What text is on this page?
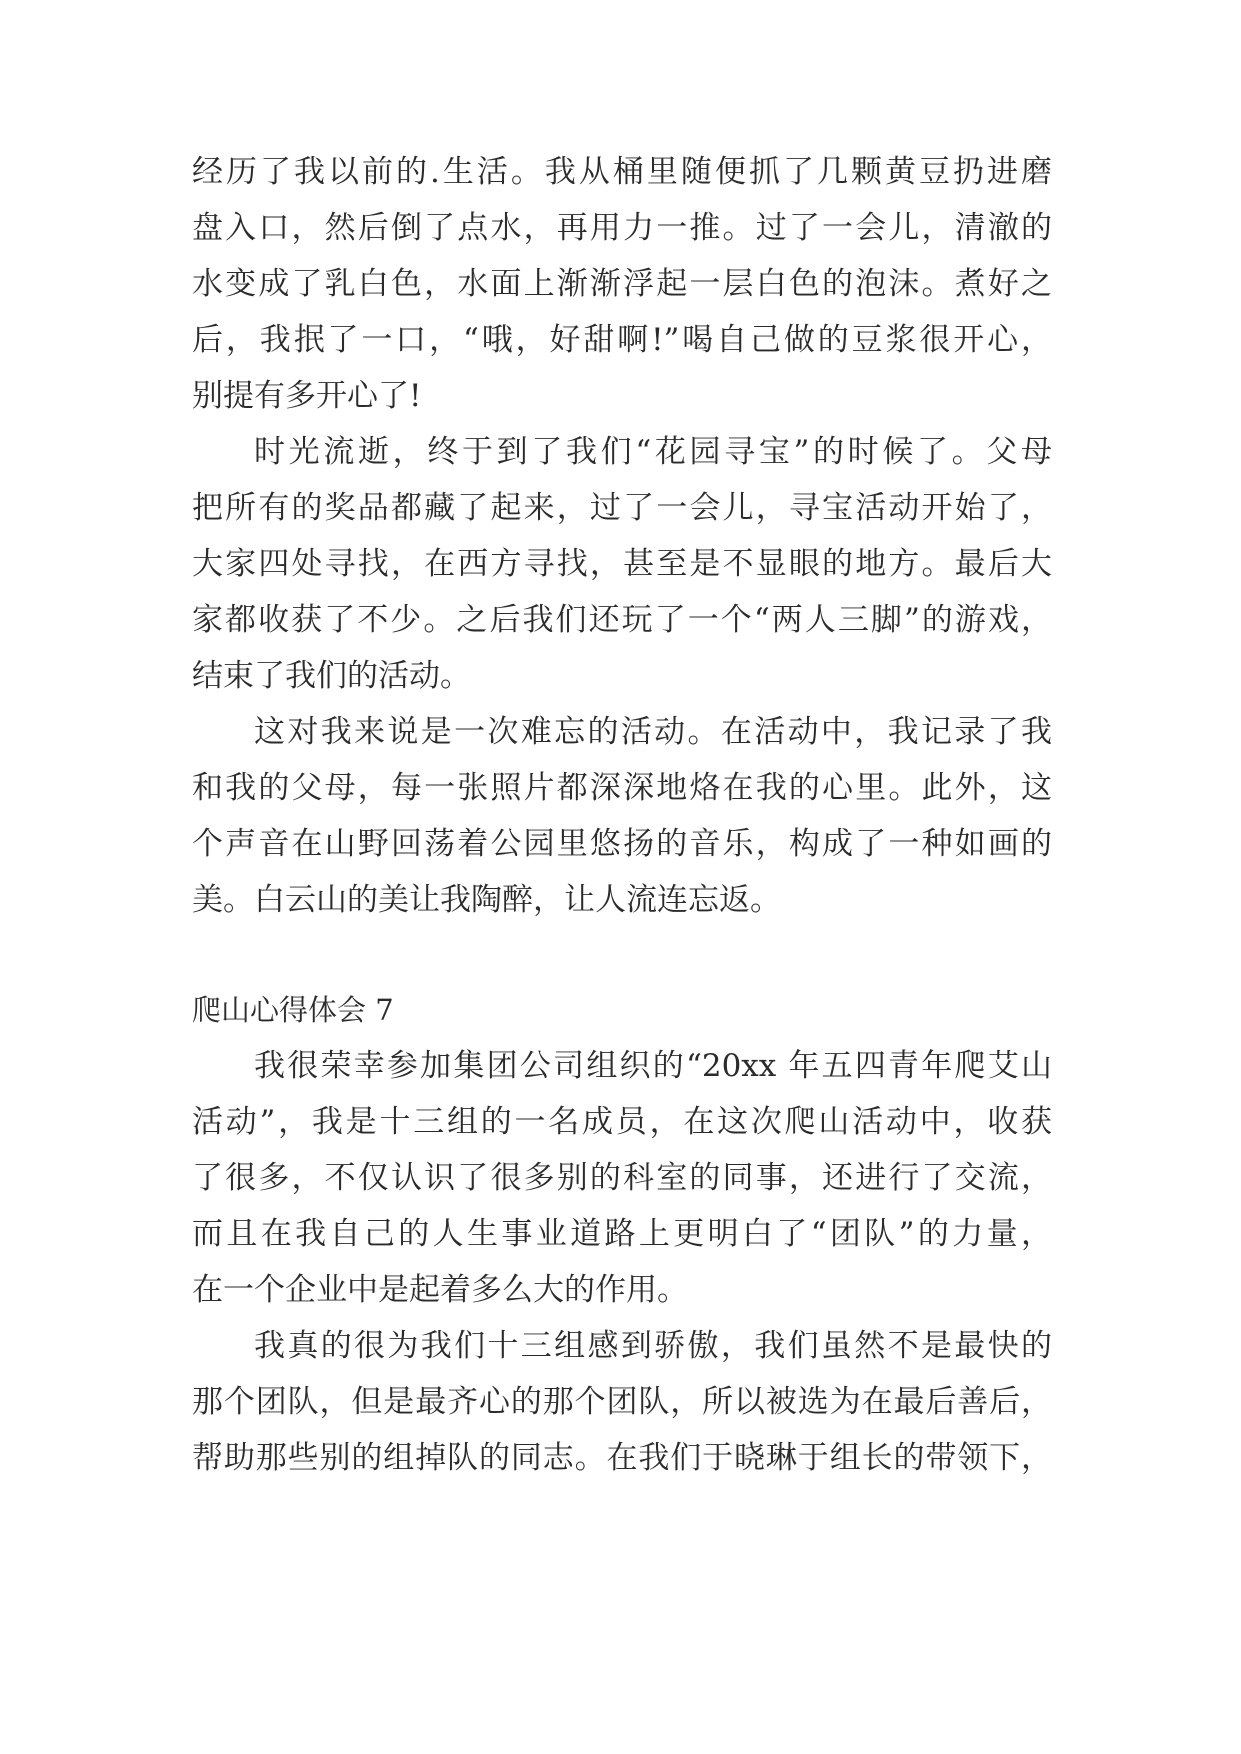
经历了我以前的.生活。我从桶里随便抓了几颗黄豆扔进磨
盘入口，然后倒了点水，再用力一推。过了一会儿，清澈的
水变成了乳白色，水面上渐渐浮起一层白色的泡沫。煮好之
后，我抿了一口，“哦，好甜啊!”喝自己做的豆浆很开心，
别提有多开心了!
时光流逝，终于到了我们“花园寻宝”的时候了。父母
把所有的奖品都藏了起来，过了一会儿，寻宝活动开始了，
大家四处寻找，在西方寻找，甚至是不显眼的地方。最后大
家都收获了不少。之后我们还玩了一个“两人三脚”的游戏，
结束了我们的活动。
这对我来说是一次难忘的活动。在活动中，我记录了我
和我的父母，每一张照片都深深地烙在我的心里。此外，这
个声音在山野回荡着公园里悠扬的音乐，构成了一种如画的
美。白云山的美让我陶醉，让人流连忘返。
爬山心得体会 7
我很荣幸参加集团公司组织的“20xx 年五四青年爬艾山
活动”，我是十三组的一名成员，在这次爬山活动中，收获
了很多，不仅认识了很多别的科室的同事，还进行了交流，
而且在我自己的人生事业道路上更明白了“团队”的力量，
在一个企业中是起着多么大的作用。
我真的很为我们十三组感到骄傲，我们虽然不是最快的
那个团队，但是最齐心的那个团队，所以被选为在最后善后，
帮助那些别的组掉队的同志。在我们于晓琳于组长的带领下，
